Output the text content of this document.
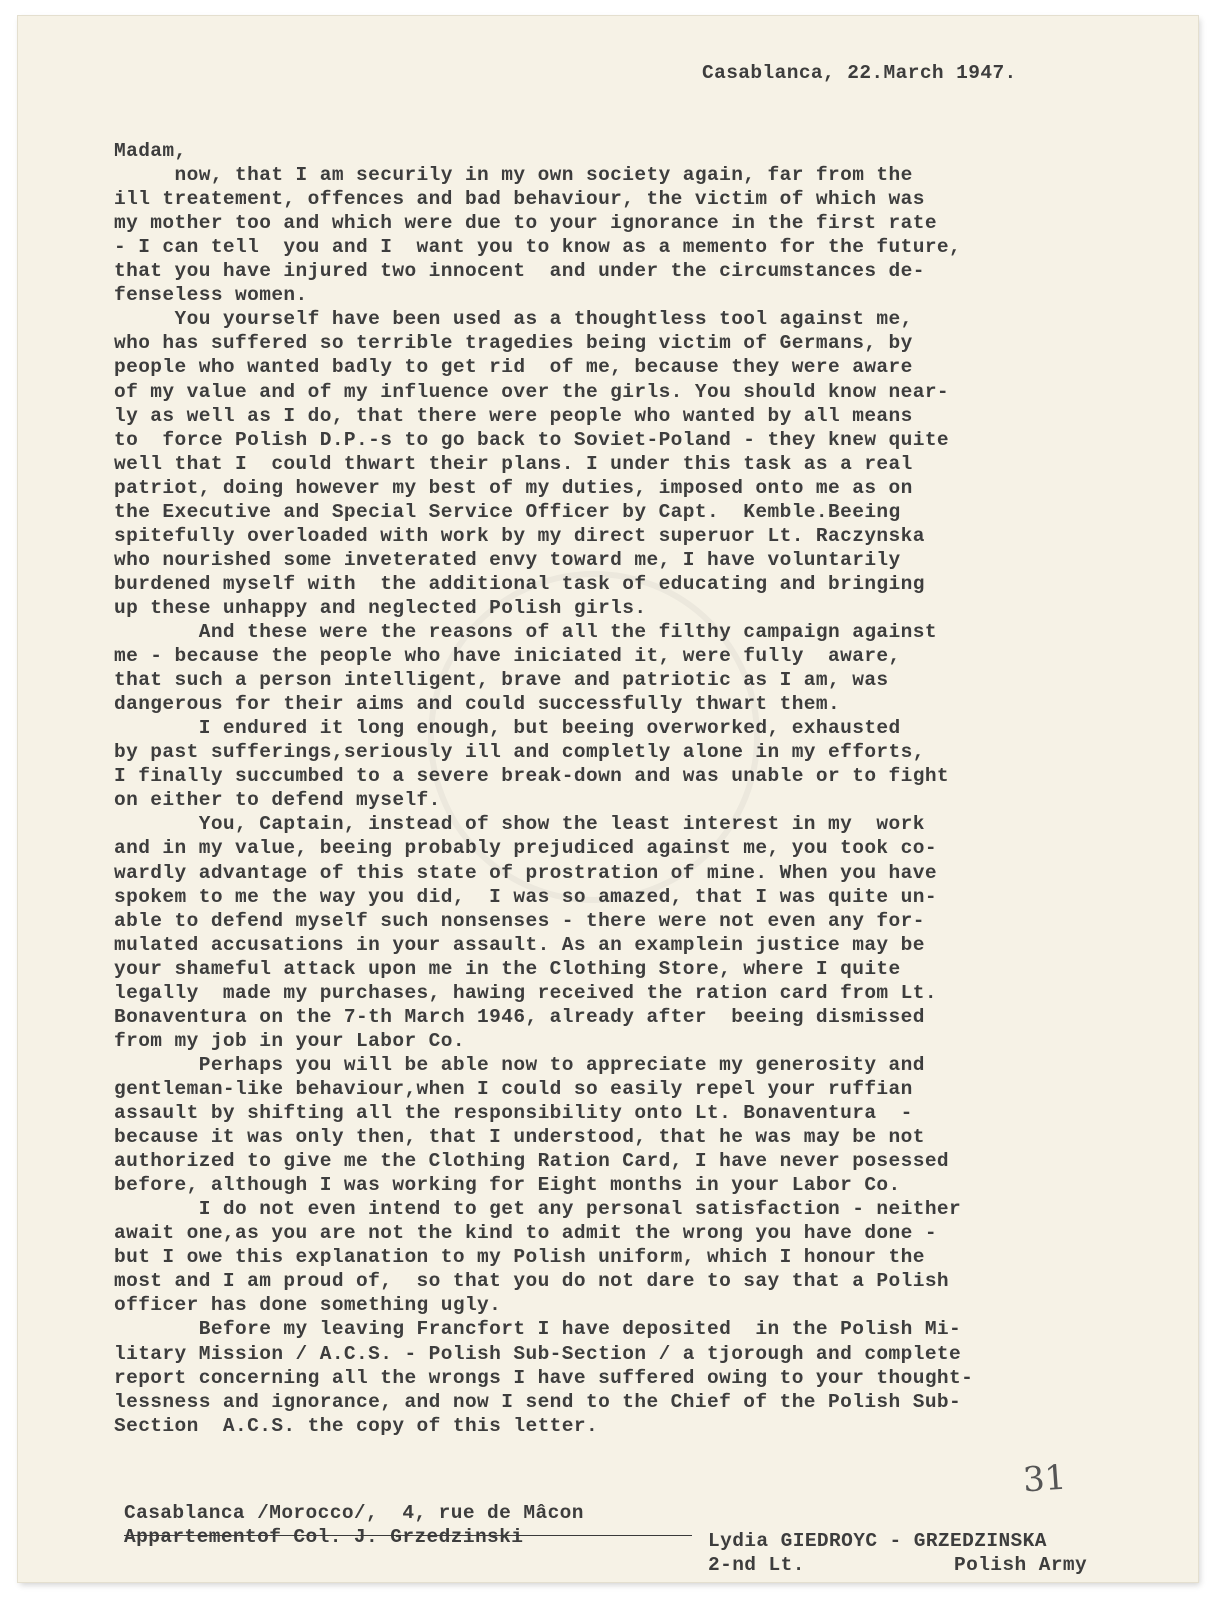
Casablanca, 22.March 1947.
Madam,
now, that I am securily in my own society again, far from the
ill treatement, offences and bad behaviour, the victim of which was
my mother too and which were due to your ignorance in the first rate
- I can tell  you and I  want you to know as a memento for the future,
that you have injured two innocent  and under the circumstances de-
fenseless women.
You yourself have been used as a thoughtless tool against me,
who has suffered so terrible tragedies being victim of Germans, by
people who wanted badly to get rid  of me, because they were aware
of my value and of my influence over the girls. You should know near-
ly as well as I do, that there were people who wanted by all means
to  force Polish D.P.-s to go back to Soviet-Poland - they knew quite
well that I  could thwart their plans. I under this task as a real
patriot, doing however my best of my duties, imposed onto me as on
the Executive and Special Service Officer by Capt.  Kemble.Beeing
spitefully overloaded with work by my direct superuor Lt. Raczynska
who nourished some inveterated envy toward me, I have voluntarily
burdened myself with  the additional task of educating and bringing
up these unhappy and neglected Polish girls.
And these were the reasons of all the filthy campaign against
me - because the people who have iniciated it, were fully  aware,
that such a person intelligent, brave and patriotic as I am, was
dangerous for their aims and could successfully thwart them.
I endured it long enough, but beeing overworked, exhausted
by past sufferings,seriously ill and completly alone in my efforts,
I finally succumbed to a severe break-down and was unable or to fight
on either to defend myself.
You, Captain, instead of show the least interest in my  work
and in my value, beeing probably prejudiced against me, you took co-
wardly advantage of this state of prostration of mine. When you have
spokem to me the way you did,  I was so amazed, that I was quite un-
able to defend myself such nonsenses - there were not even any for-
mulated accusations in your assault. As an examplein justice may be
your shameful attack upon me in the Clothing Store, where I quite
legally  made my purchases, hawing received the ration card from Lt.
Bonaventura on the 7-th March 1946, already after  beeing dismissed
from my job in your Labor Co.
Perhaps you will be able now to appreciate my generosity and
gentleman-like behaviour,when I could so easily repel your ruffian
assault by shifting all the responsibility onto Lt. Bonaventura  -
because it was only then, that I understood, that he was may be not
authorized to give me the Clothing Ration Card, I have never posessed
before, although I was working for Eight months in your Labor Co.
I do not even intend to get any personal satisfaction - neither
await one,as you are not the kind to admit the wrong you have done -
but I owe this explanation to my Polish uniform, which I honour the
most and I am proud of,  so that you do not dare to say that a Polish
officer has done something ugly.
Before my leaving Francfort I have deposited  in the Polish Mi-
litary Mission / A.C.S. - Polish Sub-Section / a tjorough and complete
report concerning all the wrongs I have suffered owing to your thought-
lessness and ignorance, and now I send to the Chief of the Polish Sub-
Section  A.C.S. the copy of this letter.
31
Casablanca /Morocco/,  4, rue de Mâcon
Appartementof Col. J. Grzedzinski	Lydia GIEDROYC - GRZEDZINSKA
2-nd Lt.	Polish Army
